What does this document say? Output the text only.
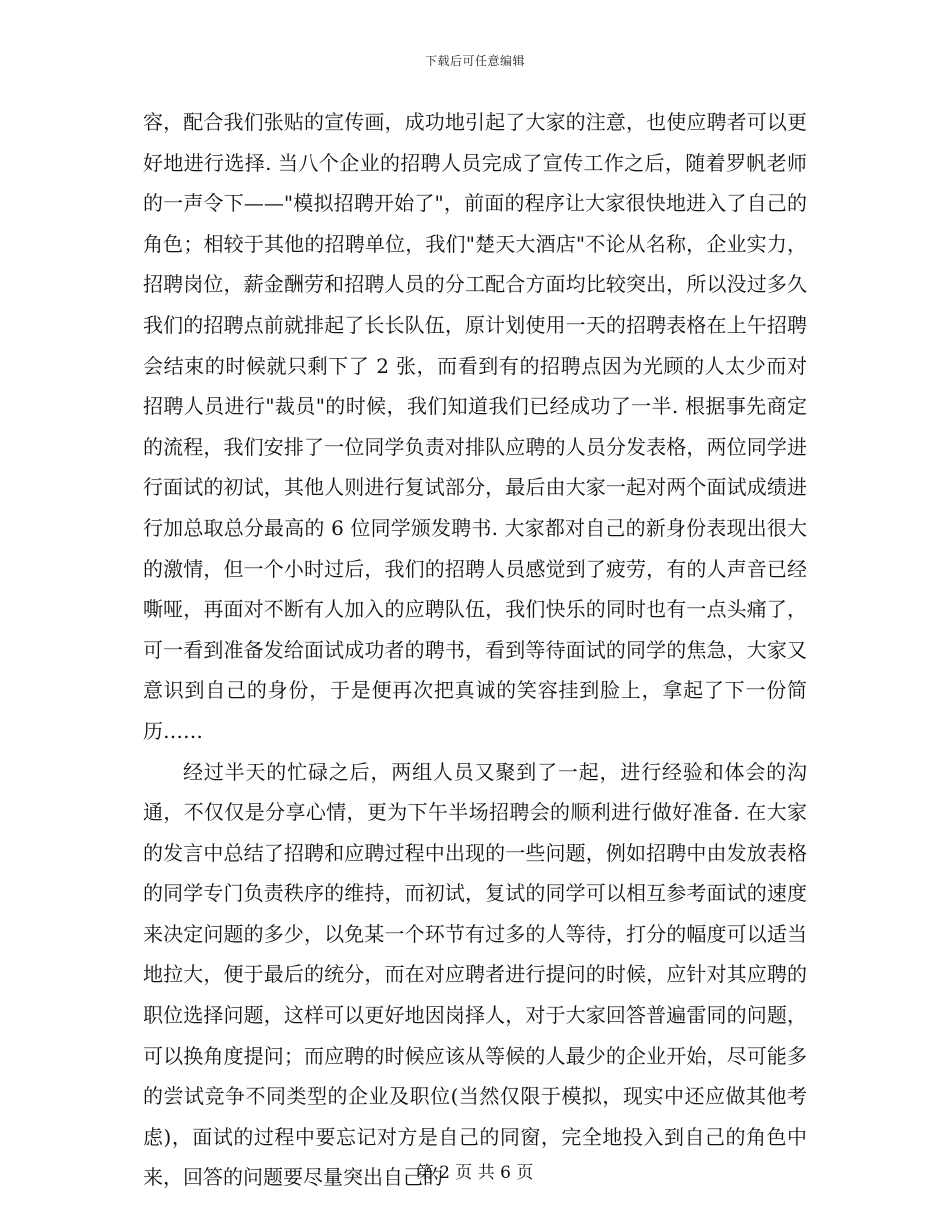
下载后可任意编辑

容，配合我们张贴的宣传画，成功地引起了大家的注意，也使应聘者可以更好地进行选择. 当八个企业的招聘人员完成了宣传工作之后，随着罗帆老师的一声令下——"模拟招聘开始了"，前面的程序让大家很快地进入了自己的角色；相较于其他的招聘单位，我们"楚天大酒店"不论从名称，企业实力，招聘岗位，薪金酬劳和招聘人员的分工配合方面均比较突出，所以没过多久我们的招聘点前就排起了长长队伍，原计划使用一天的招聘表格在上午招聘会结束的时候就只剩下了 2 张，而看到有的招聘点因为光顾的人太少而对招聘人员进行"裁员"的时候，我们知道我们已经成功了一半. 根据事先商定的流程，我们安排了一位同学负责对排队应聘的人员分发表格，两位同学进行面试的初试，其他人则进行复试部分，最后由大家一起对两个面试成绩进行加总取总分最高的 6 位同学颁发聘书. 大家都对自己的新身份表现出很大的激情，但一个小时过后，我们的招聘人员感觉到了疲劳，有的人声音已经嘶哑，再面对不断有人加入的应聘队伍，我们快乐的同时也有一点头痛了，可一看到准备发给面试成功者的聘书，看到等待面试的同学的焦急，大家又意识到自己的身份，于是便再次把真诚的笑容挂到脸上，拿起了下一份简历……

经过半天的忙碌之后，两组人员又聚到了一起，进行经验和体会的沟通，不仅仅是分享心情，更为下午半场招聘会的顺利进行做好准备. 在大家的发言中总结了招聘和应聘过程中出现的一些问题，例如招聘中由发放表格的同学专门负责秩序的维持，而初试，复试的同学可以相互参考面试的速度来决定问题的多少，以免某一个环节有过多的人等待，打分的幅度可以适当地拉大，便于最后的统分，而在对应聘者进行提问的时候，应针对其应聘的职位选择问题，这样可以更好地因岗择人，对于大家回答普遍雷同的问题，可以换角度提问；而应聘的时候应该从等候的人最少的企业开始，尽可能多的尝试竞争不同类型的企业及职位(当然仅限于模拟，现实中还应做其他考虑)，面试的过程中要忘记对方是自己的同窗，完全地投入到自己的角色中来，回答的问题要尽量突出自己的

第 2 页 共 6 页
